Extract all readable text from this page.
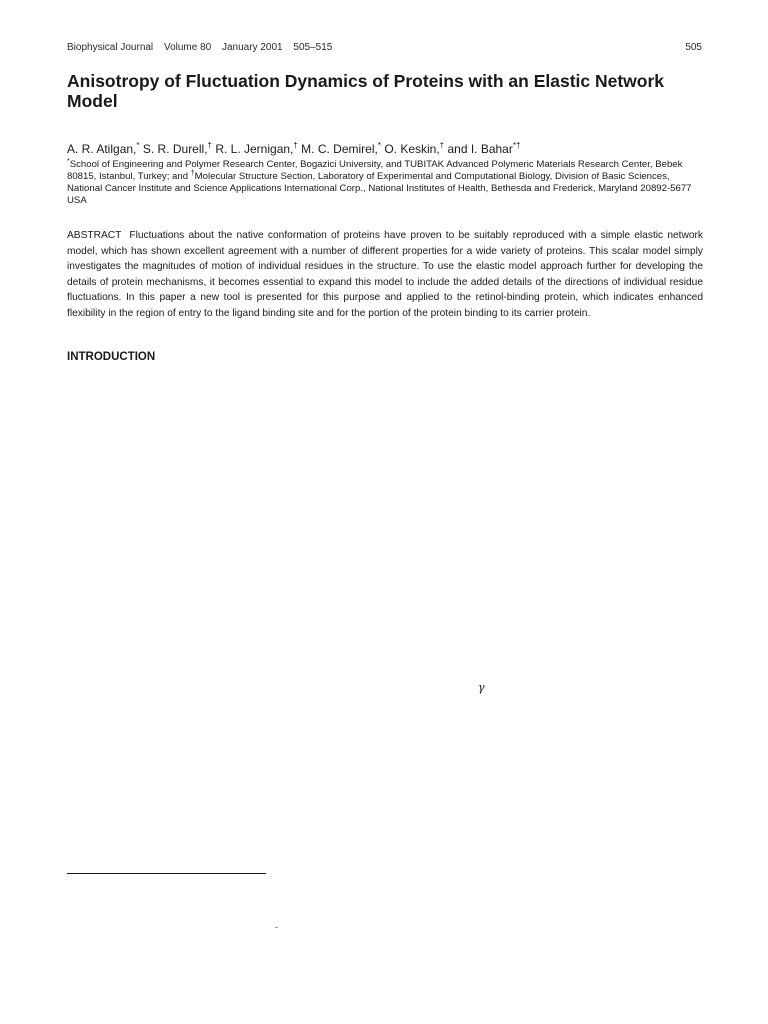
Biophysical Journal Volume 80 January 2001 505–515	505
Anisotropy of Fluctuation Dynamics of Proteins with an Elastic Network Model
A. R. Atilgan,* S. R. Durell,† R. L. Jernigan,† M. C. Demirel,* O. Keskin,† and I. Bahar*†
*School of Engineering and Polymer Research Center, Bogazici University, and TUBITAK Advanced Polymeric Materials Research Center, Bebek 80815, Istanbul, Turkey; and †Molecular Structure Section, Laboratory of Experimental and Computational Biology, Division of Basic Sciences, National Cancer Institute and Science Applications International Corp., National Institutes of Health, Bethesda and Frederick, Maryland 20892-5677 USA

ABSTRACT Fluctuations about the native conformation of proteins have proven to be suitably reproduced with a simple elastic network model, which has shown excellent agreement with a number of different properties for a wide variety of proteins. This scalar model simply investigates the magnitudes of motion of individual residues in the structure. To use the elastic model approach further for developing the details of protein mechanisms, it becomes essential to expand this model to include the added details of the directions of individual residue fluctuations. In this paper a new tool is presented for this purpose and applied to the retinol-binding protein, which indicates enhanced flexibility in the region of entry to the ligand binding site and for the portion of the protein binding to its carrier protein.

INTRODUCTION
γ
-
